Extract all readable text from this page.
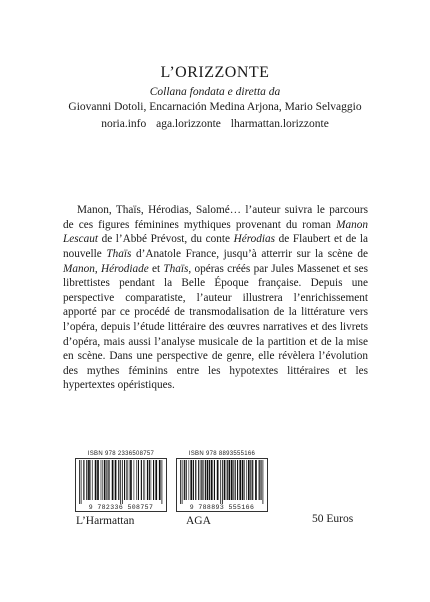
L’ORIZZONTE
Collana fondata e diretta da
Giovanni Dotoli, Encarnación Medina Arjona, Mario Selvaggio
noria.info aga.lorizzonte lharmattan.lorizzonte

Manon, Thaïs, Hérodias, Salomé… l’auteur suivra le parcours de ces figures féminines mythiques provenant du roman Manon Lescaut de l’Abbé Prévost, du conte Hérodias de Flaubert et de la nouvelle Thaïs d’Anatole France, jusqu’à atterrir sur la scène de Manon, Hérodiade et Thaïs, opéras créés par Jules Massenet et ses librettistes pendant la Belle Époque française. Depuis une perspective comparatiste, l’auteur illustrera l’enrichissement apporté par ce procédé de transmodalisation de la littérature vers l’opéra, depuis l’étude littéraire des œuvres narratives et des livrets d’opéra, mais aussi l’analyse musicale de la partition et de la mise en scène. Dans une perspective de genre, elle révèlera l’évolution des mythes féminins entre les hypotextes littéraires et les hypertextes opéristiques.

ISBN 978 2336508757
9 782336 508757
L’Harmattan
ISBN 978 8893555166
9 788893 555166
AGA	50 Euros
